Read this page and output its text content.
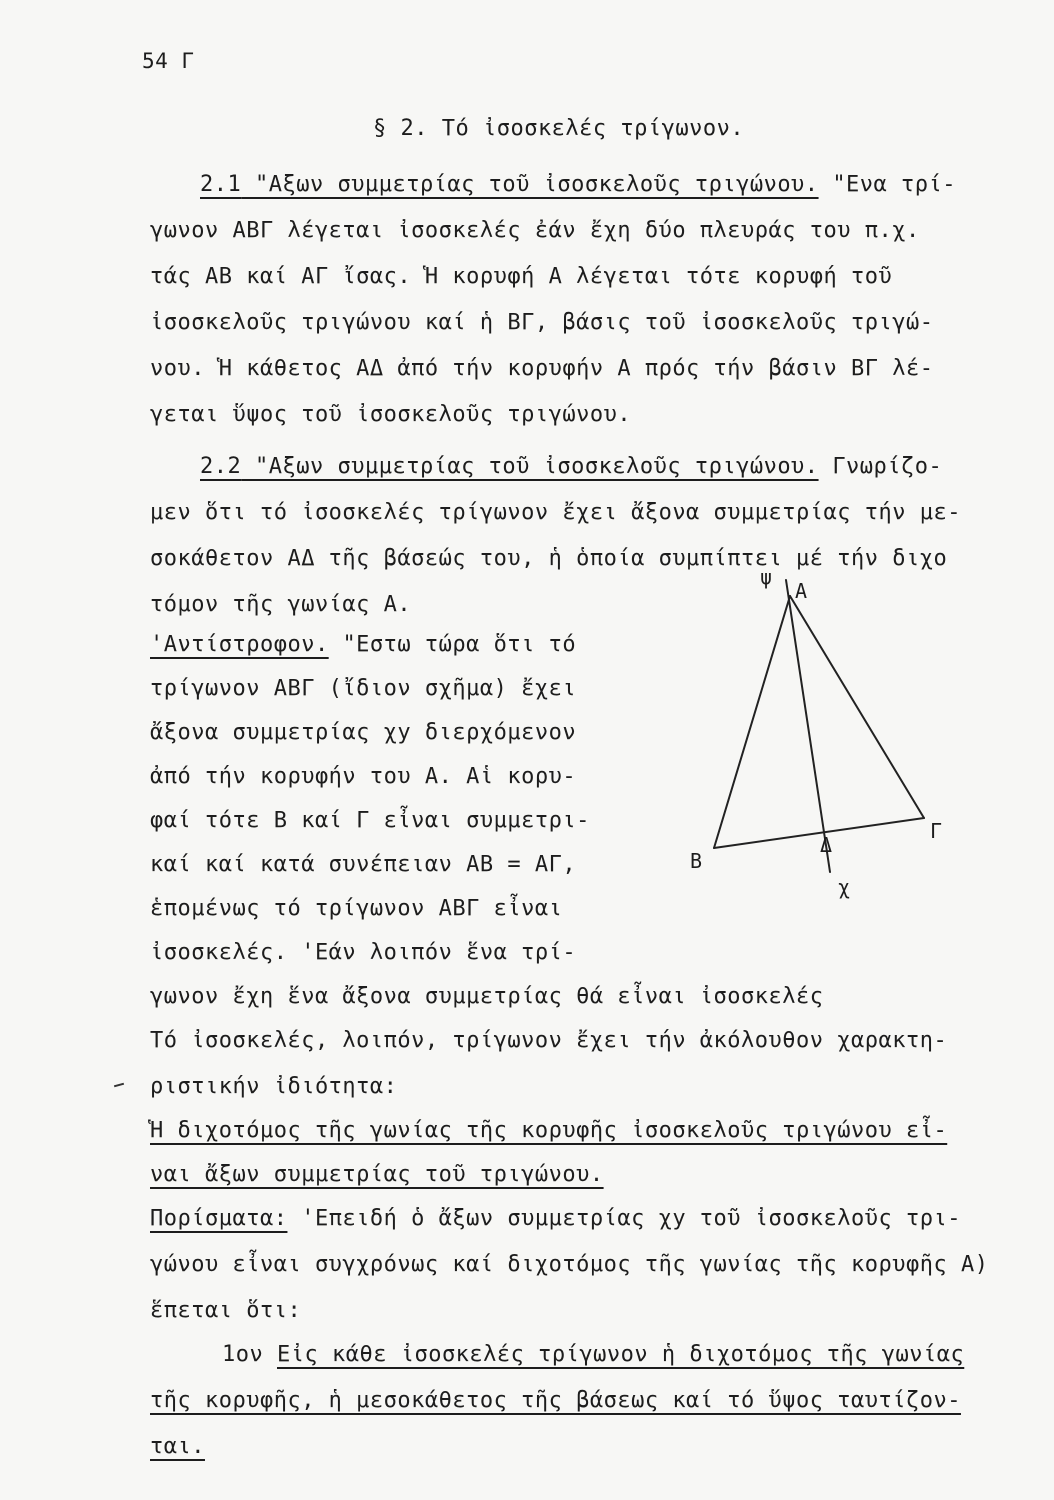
54 Γ
§ 2. Τό ἰσοσκελές τρίγωνον.
2.1 "Αξων συμμετρίας τοῦ ἰσοσκελοῦς τριγώνου. "Ενα τρί-
γωνον ΑΒΓ λέγεται ἰσοσκελές ἐάν ἔχη δύο πλευράς του π.χ.
τάς ΑΒ καί ΑΓ ἴσας. Ἡ κορυφή Α λέγεται τότε κορυφή τοῦ
ἰσοσκελοῦς τριγώνου καί ἡ ΒΓ, βάσις τοῦ ἰσοσκελοῦς τριγώ-
νου. Ἡ κάθετος ΑΔ ἀπό τήν κορυφήν Α πρός τήν βάσιν ΒΓ λέ-
γεται ὕψος τοῦ ἰσοσκελοῦς τριγώνου.
2.2 "Αξων συμμετρίας τοῦ ἰσοσκελοῦς τριγώνου. Γνωρίζο-
μεν ὅτι τό ἰσοσκελές τρίγωνον ἔχει ἄξονα συμμετρίας τήν με-
σοκάθετον ΑΔ τῆς βάσεώς του, ἡ ὁποία συμπίπτει μέ τήν διχο
τόμον τῆς γωνίας Α.
'Αντίστροφον. "Εστω τώρα ὅτι τό
τρίγωνον ΑΒΓ (ἴδιον σχῆμα) ἔχει
ἄξονα συμμετρίας χy διερχόμενον
ἀπό τήν κορυφήν του Α. Αἱ κορυ-
φαί τότε Β καί Γ εἶναι συμμετρι-
καί καί κατά συνέπειαν ΑΒ = ΑΓ,
ἑπομένως τό τρίγωνον ΑΒΓ εἶναι
ἰσοσκελές. 'Εάν λοιπόν ἕνα τρί-
γωνον ἔχη ἕνα ἄξονα συμμετρίας θά εἶναι ἰσοσκελές
Τό ἰσοσκελές, λοιπόν, τρίγωνον ἔχει τήν ἀκόλουθον χαρακτη-
ριστικήν ἰδιότητα:
Ἡ διχοτόμος τῆς γωνίας τῆς κορυφῆς ἰσοσκελοῦς τριγώνου εἶ-
ναι ἄξων συμμετρίας τοῦ τριγώνου.
Πορίσματα: 'Επειδή ὁ ἄξων συμμετρίας χy τοῦ ἰσοσκελοῦς τρι-
γώνου εἶναι συγχρόνως καί διχοτόμος τῆς γωνίας τῆς κορυφῆς Α)
ἕπεται ὅτι:
1ον Εἰς κάθε ἰσοσκελές τρίγωνον ἡ διχοτόμος τῆς γωνίας
τῆς κορυφῆς, ἡ μεσοκάθετος τῆς βάσεως καί τό ὕψος ταυτίζον-
ται.
ψ
Α
Β
Γ
Δ
χ
